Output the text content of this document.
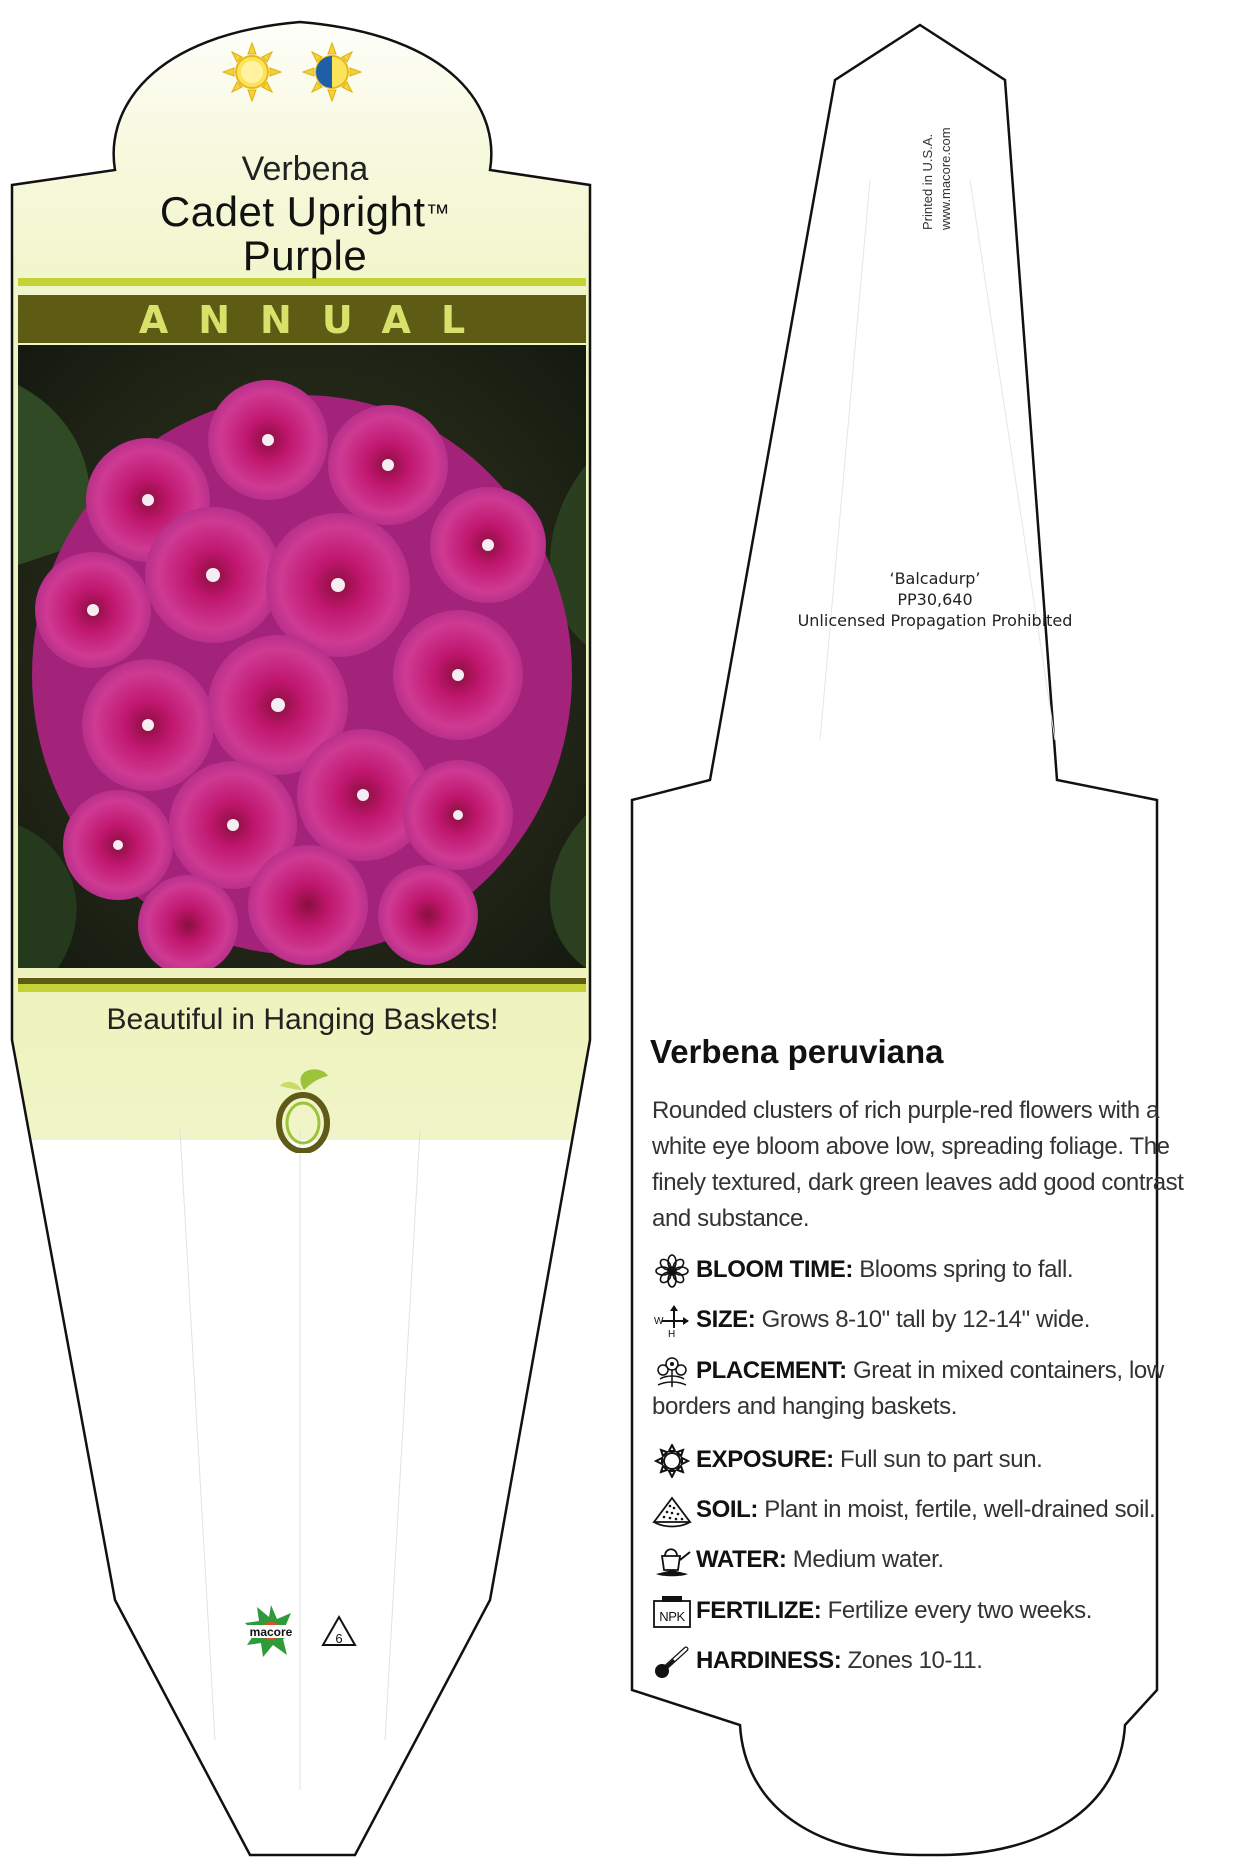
Verbena
Cadet Upright™
Purple
ANNUAL
Beautiful in Hanging Baskets!
macore	6
Printed in U.S.A. www.macore.com
‘Balcadurp’
PP30,640
Unlicensed Propagation Prohibited
Verbena peruviana
Rounded clusters of rich purple-red flowers with a white eye bloom above low, spreading foliage. The finely textured, dark green leaves add good contrast and substance.
BLOOM TIME: Blooms spring to fall.
W
H
SIZE: Grows 8-10" tall by 12-14" wide.
PLACEMENT: Great in mixed containers, low borders and hanging baskets.
EXPOSURE: Full sun to part sun.
SOIL: Plant in moist, fertile, well-drained soil.
WATER: Medium water.
NPK FERTILIZE: Fertilize every two weeks.
HARDINESS: Zones 10-11.
